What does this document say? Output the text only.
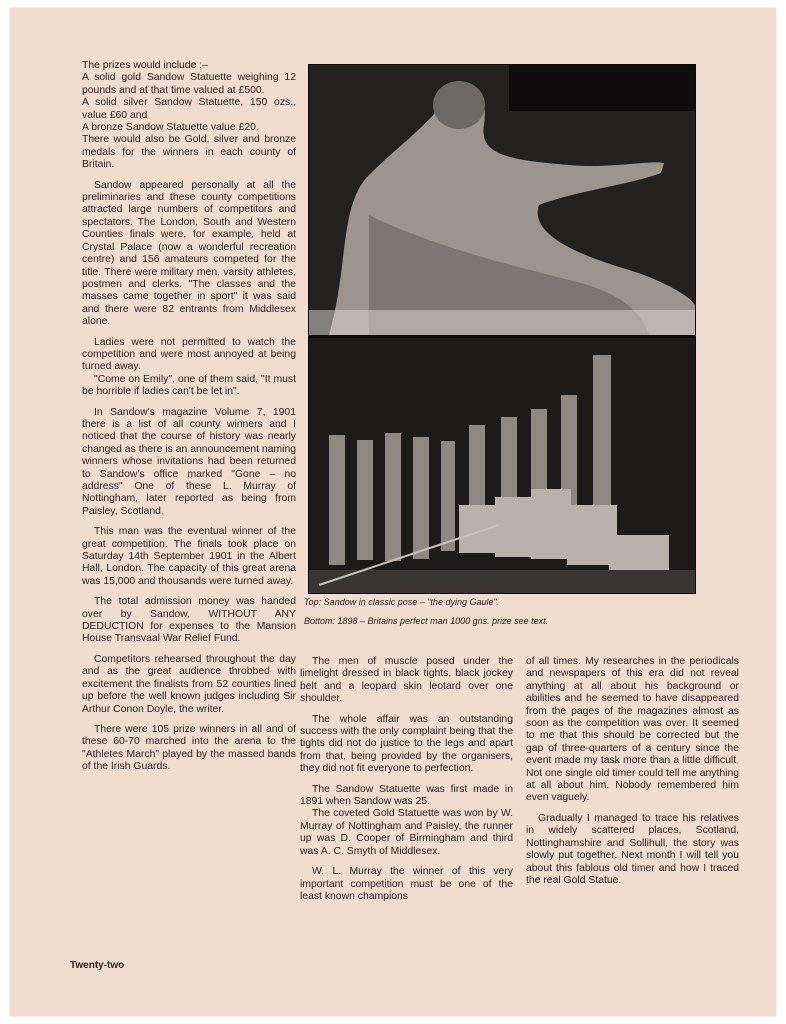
The prizes would include :–
A solid gold Sandow Statuette weighing 12 pounds and at that time valued at £500.
A solid silver Sandow Statuette, 150 ozs., value £60 and
A bronze Sandow Statuette value £20.
There would also be Gold, silver and bronze medals for the winners in each county of Britain.

Sandow appeared personally at all the preliminaries and these county competitions attracted large numbers of competitors and spectators. The London, South and Western Counties finals were, for example, held at Crystal Palace (now a wonderful recreation centre) and 156 amateurs competed for the title. There were military men, varsity athletes, postmen and clerks. "The classes and the masses came together in sport" it was said and there were 82 entrants from Middlesex alone.

Ladies were not permitted to watch the competition and were most annoyed at being turned away.

"Come on Emily", one of them said, "It must be horrible if ladies can't be let in".

In Sandow's magazine Volume 7, 1901 there is a list of all county winners and I noticed that the course of history was nearly changed as there is an announcement naming winners whose invitations had been returned to Sandow's office marked "Gone – no address" One of these L. Murray of Nottingham, later reported as being from Paisley, Scotland.

This man was the eventual winner of the great competition. The finals took place on Saturday 14th September 1901 in the Albert Hall, London. The capacity of this great arena was 15,000 and thousands were turned away.

The total admission money was handed over by Sandow, WITHOUT ANY DEDUCTION for expenses to the Mansion House Transvaal War Relief Fund.

Competitors rehearsed throughout the day and as the great audience throbbed with excitement the finalists from 52 counties lined up before the well known judges including Sir Arthur Conon Doyle, the writer.

There were 105 prize winners in all and of these 60-70 marched into the arena to the "Athletes March" played by the massed bands of the Irish Guards.

Top: Sandow in classic pose – "the dying Gaule".
Bottom: 1898 – Britains perfect man 1000 gns. prize see text.

The men of muscle posed under the limelight dressed in black tights, black jockey belt and a leopard skin leotard over one shoulder.

The whole affair was an outstanding success with the only complaint being that the tights did not do justice to the legs and apart from that, being provided by the organisers, they did not fit everyone to perfection.

The Sandow Statuette was first made in 1891 when Sandow was 25.

The coveted Gold Statuette was won by W. Murray of Nottingham and Paisley, the runner up was D. Cooper of Birmingham and third was A. C. Smyth of Middlesex.

W. L. Murray the winner of this very important competition must be one of the least known champions

of all times. My researches in the periodicals and newspapers of this era did not reveal anything at all about his background or abilities and he seemed to have disappeared from the pages of the magazines almost as soon as the competition was over. It seemed to me that this should be corrected but the gap of three-quarters of a century since the event made my task more than a little difficult. Not one single old timer could tell me anything at all about him. Nobody remembered him even vaguely.

Gradually I managed to trace his relatives in widely scattered places, Scotland, Nottinghamshire and Sollihull, the story was slowly put together. Next month I will tell you about this fablous old timer and how I traced the real Gold Statue.

Twenty-two
